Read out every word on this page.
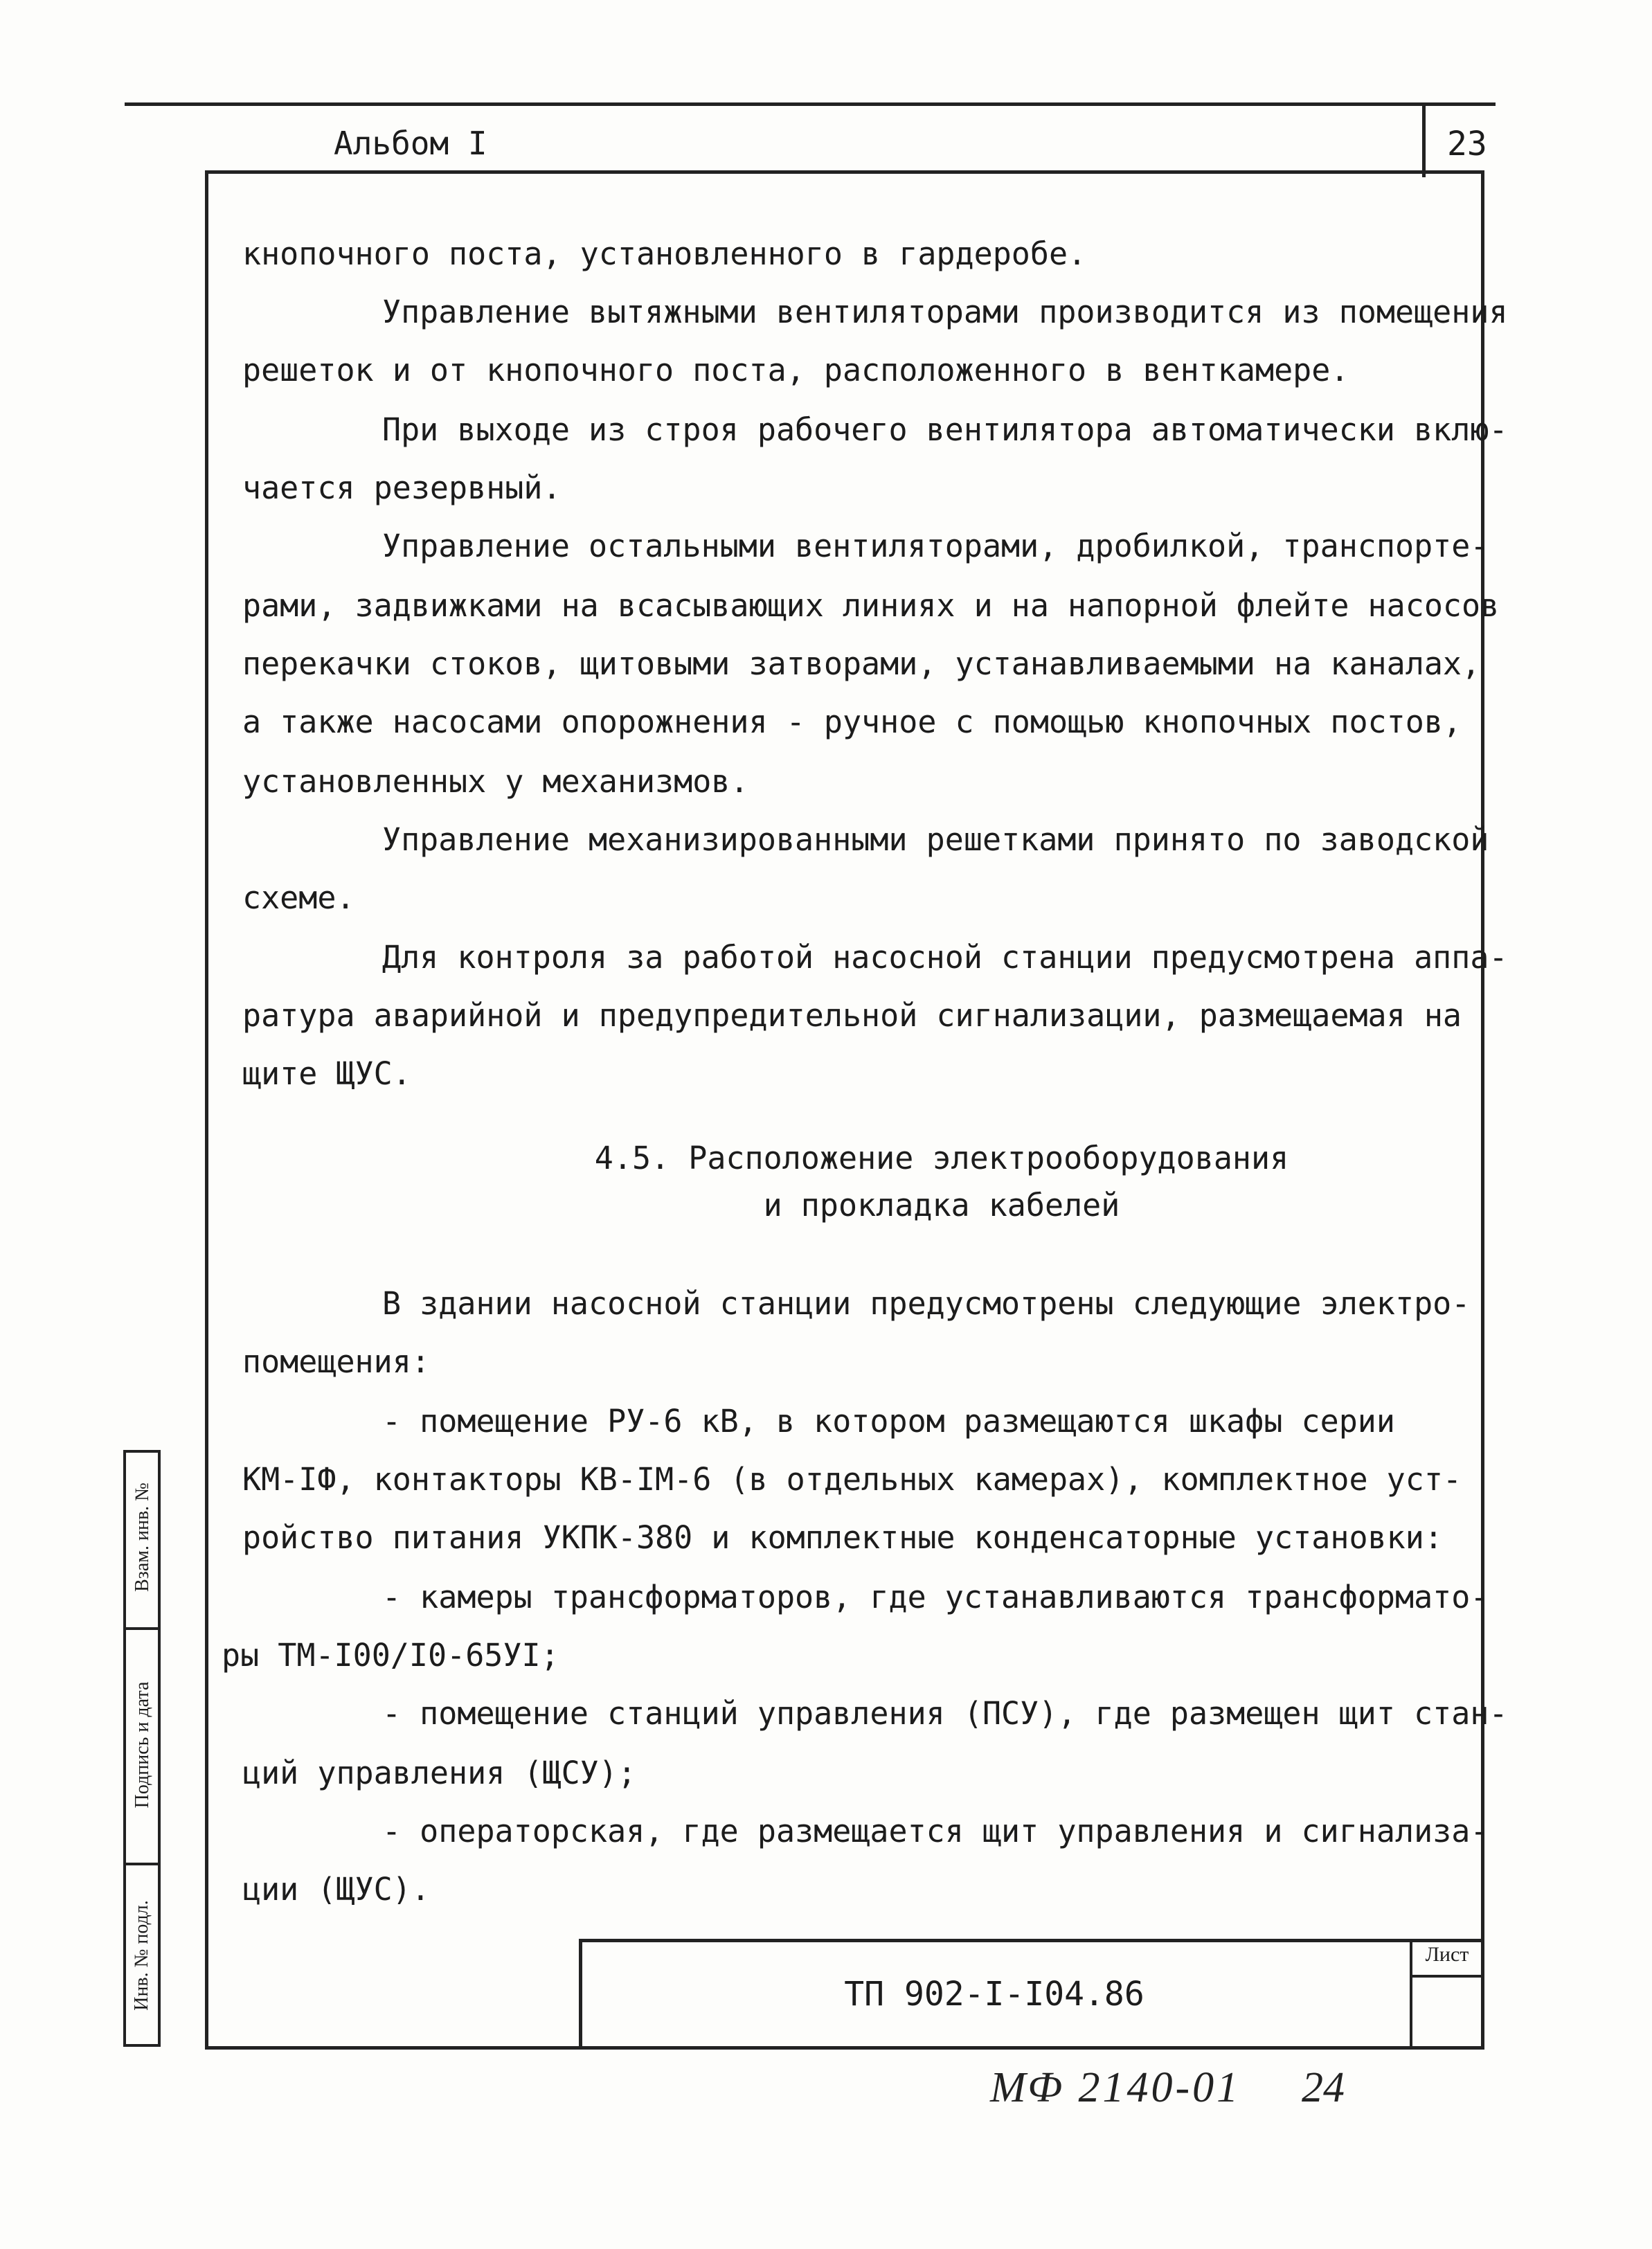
Альбом I	23
кнопочного поста, установленного в гардеробе.
Управление вытяжными вентиляторами производится из помещения
решеток и от кнопочного поста, расположенного в венткамере.
При выходе из строя рабочего вентилятора автоматически вклю-
чается резервный.
Управление остальными вентиляторами, дробилкой, транспорте-
рами, задвижками на всасывающих линиях и на напорной флейте насосов
перекачки стоков, щитовыми затворами, устанавливаемыми на каналах,
а также насосами опорожнения - ручное с помощью кнопочных постов,
установленных у механизмов.
Управление механизированными решетками принято по заводской
схеме.
Для контроля за работой насосной станции предусмотрена аппа-
ратура аварийной и предупредительной сигнализации, размещаемая на
щите ЩУС.
4.5. Расположение электрооборудования
и прокладка кабелей
В здании насосной станции предусмотрены следующие электро-
помещения:
- помещение РУ-6 кВ, в котором размещаются шкафы серии
КМ-IФ, контакторы КВ-IМ-6 (в отдельных камерах), комплектное уст-
ройство питания УКПК-380 и комплектные конденсаторные установки:
- камеры трансформаторов, где устанавливаются трансформато-
ры ТМ-I00/I0-65УI;
- помещение станций управления (ПСУ), где размещен щит стан-
ций управления (ЩСУ);
- операторская, где размещается щит управления и сигнализа-
ции (ЩУС).
Взам. инв. №
Подпись и дата
Инв. № подл.	Лист
ТП 902-I-I04.86
МФ 2140-01 24
